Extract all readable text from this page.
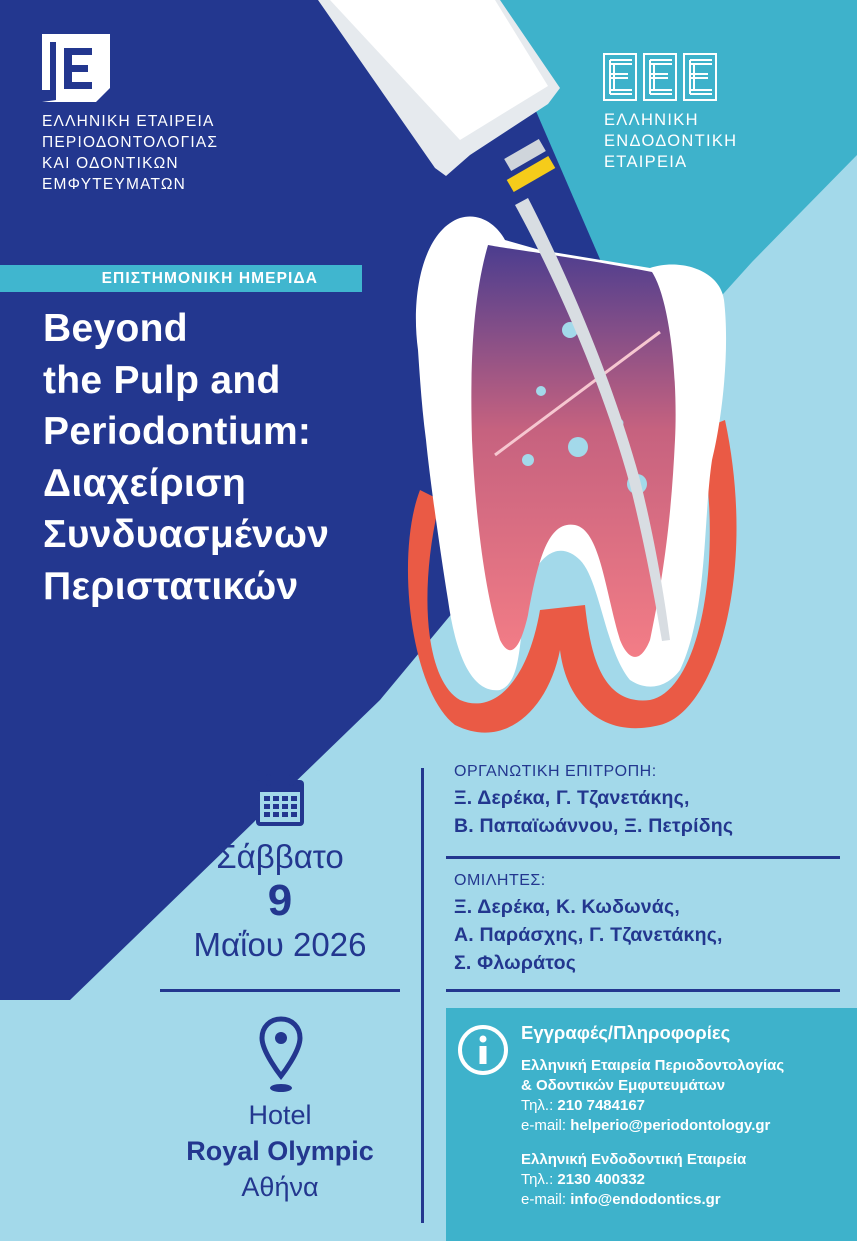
ΕΛΛΗΝΙΚΗ ΕΤΑΙΡΕΙΑ
ΠΕΡΙΟΔΟΝΤΟΛΟΓΙΑΣ
ΚΑΙ ΟΔΟΝΤΙΚΩΝ
ΕΜΦΥΤΕΥΜΑΤΩΝ
ΕΛΛΗΝΙΚΗ
ΕΝΔΟΔΟΝΤΙΚΗ
ΕΤΑΙΡΕΙΑ
ΕΠΙΣΤΗΜΟΝΙΚΗ ΗΜΕΡΙΔΑ
Beyond
the Pulp and
Periodontium:
Διαχείριση
Συνδυασμένων
Περιστατικών
Σάββατο
9
Μαΐου 2026
Hotel
Royal Olympic
Αθήνα
ΟΡΓΑΝΩΤΙΚΗ ΕΠΙΤΡΟΠΗ:
Ξ. Δερέκα, Γ. Τζανετάκης,
Β. Παπαϊωάννου, Ξ. Πετρίδης
ΟΜΙΛΗΤΕΣ:
Ξ. Δερέκα, Κ. Κωδωνάς,
Α. Παράσχης, Γ. Τζανετάκης,
Σ. Φλωράτος
Εγγραφές/Πληροφορίες
Ελληνική Εταιρεία Περιοδοντολογίας
& Οδοντικών Εμφυτευμάτων
Τηλ.: 210 7484167
e-mail: helperio@periodontology.gr
Ελληνική Ενδοδοντική Εταιρεία
Τηλ.: 2130 400332
e-mail: info@endodontics.gr
